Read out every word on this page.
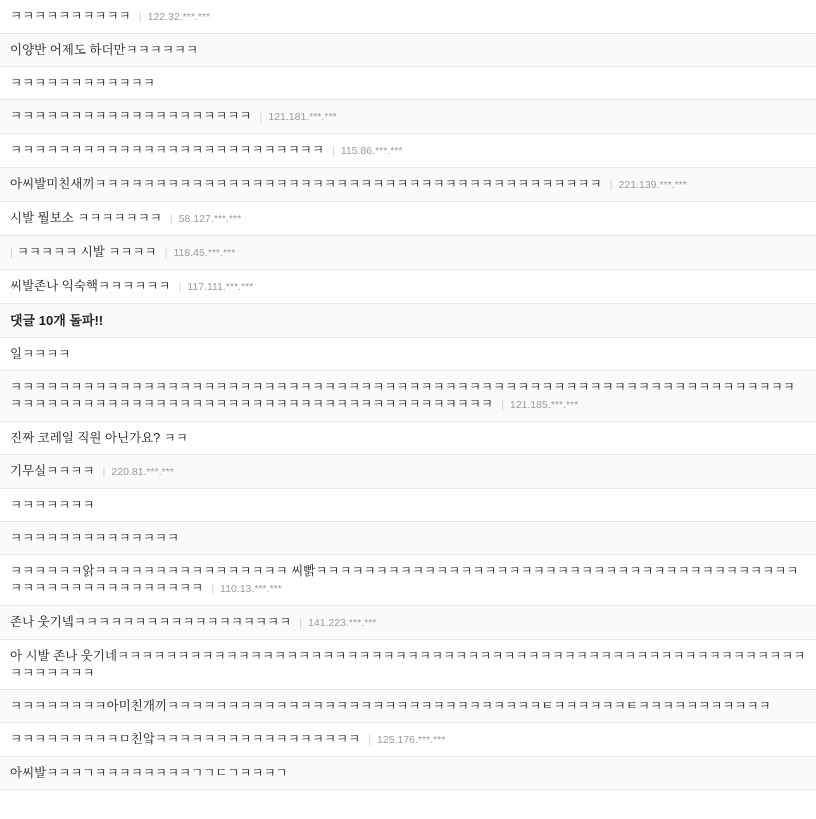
ㅋㅋㅋㅋㅋㅋㅋㅋㅋㅋ | 122.32.***.***
이양반 어제도 하더만ㅋㅋㅋㅋㅋㅋ
ㅋㅋㅋㅋㅋㅋㅋㅋㅋㅋㅋㅋ
ㅋㅋㅋㅋㅋㅋㅋㅋㅋㅋㅋㅋㅋㅋㅋㅋㅋㅋㅋㅋ | 121.181.***.***
ㅋㅋㅋㅋㅋㅋㅋㅋㅋㅋㅋㅋㅋㅋㅋㅋㅋㅋㅋㅋㅋㅋㅋㅋㅋㅋ | 115.86.***.***
아씨발미친새끼ㅋㅋㅋㅋㅋㅋㅋㅋㅋㅋㅋㅋㅋㅋㅋㅋㅋㅋㅋㅋㅋㅋㅋㅋㅋㅋㅋㅋㅋㅋㅋㅋㅋㅋㅋㅋㅋㅋㅋㅋㅋㅋ | 221.139.***.***
시발 뭘보소 ㅋㅋㅋㅋㅋㅋㅋ | 58.127.***.***
| ㅋㅋㅋㅋㅋ 시발 ㅋㅋㅋㅋ | 118.45.***.***
씨발존나 익숙핵ㅋㅋㅋㅋㅋㅋ | 117.111.***.***
댓글 10개 돌파!!
일ㅋㅋㅋㅋ
ㅋㅋㅋㅋㅋㅋㅋㅋㅋㅋㅋㅋㅋㅋㅋㅋㅋㅋㅋㅋㅋㅋㅋㅋㅋㅋㅋㅋㅋㅋㅋㅋㅋㅋㅋㅋㅋㅋㅋㅋㅋㅋㅋㅋㅋㅋㅋㅋㅋㅋㅋㅋㅋㅋㅋㅋㅋㅋㅋㅋㅋㅋㅋㅋㅋㅋㅋㅋㅋㅋㅋㅋㅋㅋㅋㅋㅋㅋㅋㅋㅋㅋㅋㅋㅋㅋㅋㅋㅋㅋㅋㅋㅋㅋㅋㅋㅋㅋㅋㅋㅋㅋㅋㅋㅋ | 121.185.***.***
진짜 코레일 직원 아닌가요? ㅋㅋ
기무실ㅋㅋㅋㅋ | 220.81.***.***
ㅋㅋㅋㅋㅋㅋㅋ
ㅋㅋㅋㅋㅋㅋㅋㅋㅋㅋㅋㅋㅋㅋ
ㅋㅋㅋㅋㅋㅋ앍ㅋㅋㅋㅋㅋㅋㅋㅋㅋㅋㅋㅋㅋㅋㅋㅋ 씨빩ㅋㅋㅋㅋㅋㅋㅋㅋㅋㅋㅋㅋㅋㅋㅋㅋㅋㅋㅋㅋㅋㅋㅋㅋㅋㅋㅋㅋㅋㅋㅋㅋㅋㅋㅋㅋㅋㅋㅋㅋㅋㅋㅋㅋㅋㅋㅋㅋㅋㅋㅋㅋㅋㅋㅋㅋ | 110.13.***.***
존나 웃기넼ㅋㅋㅋㅋㅋㅋㅋㅋㅋㅋㅋㅋㅋㅋㅋㅋㅋㅋ | 141.223.***.***
아 시발 존나 웃기네ㅋㅋㅋㅋㅋㅋㅋㅋㅋㅋㅋㅋㅋㅋㅋㅋㅋㅋㅋㅋㅋㅋㅋㅋㅋㅋㅋㅋㅋㅋㅋㅋㅋㅋㅋㅋㅋㅋㅋㅋㅋㅋㅋㅋㅋㅋㅋㅋㅋㅋㅋㅋㅋㅋㅋㅋㅋㅋㅋㅋㅋㅋㅋㅋ
ㅋㅋㅋㅋㅋㅋㅋㅋ아미친개끼ㅋㅋㅋㅋㅋㅋㅋㅋㅋㅋㅋㅋㅋㅋㅋㅋㅋㅋㅋㅋㅋㅋㅋㅋㅋㅋㅋㅋㅋㅋㅋㅌㅋㅋㅋㅋㅋㅋㅌㅋㅋㅋㅋㅋㅋㅋㅋㅋㅋㅋ
ㅋㅋㅋㅋㅋㅋㅋㅋㅋㅁ친앜ㅋㅋㅋㅋㅋㅋㅋㅋㅋㅋㅋㅋㅋㅋㅋㅋㅋ | 125.176.***.***
아씨발ㅋㅋㅋㄱㅋㅋㅋㅋㅋㅋㅋㅋㄱㄱㄷㄱㅋㅋㅋㄱ
